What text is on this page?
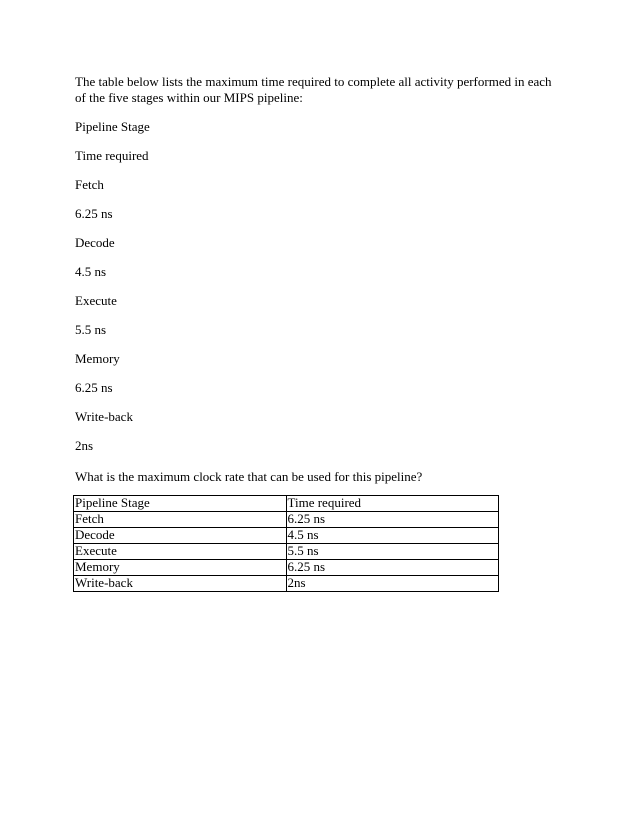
The table below lists the maximum time required to complete all activity performed in each of the five stages within our MIPS pipeline:

Pipeline Stage

Time required

Fetch

6.25 ns

Decode

4.5 ns

Execute

5.5 ns

Memory

6.25 ns

Write-back

2ns

What is the maximum clock rate that can be used for this pipeline?

Pipeline Stage	Time required
Fetch	6.25 ns
Decode	4.5 ns
Execute	5.5 ns
Memory	6.25 ns
Write-back	2ns
